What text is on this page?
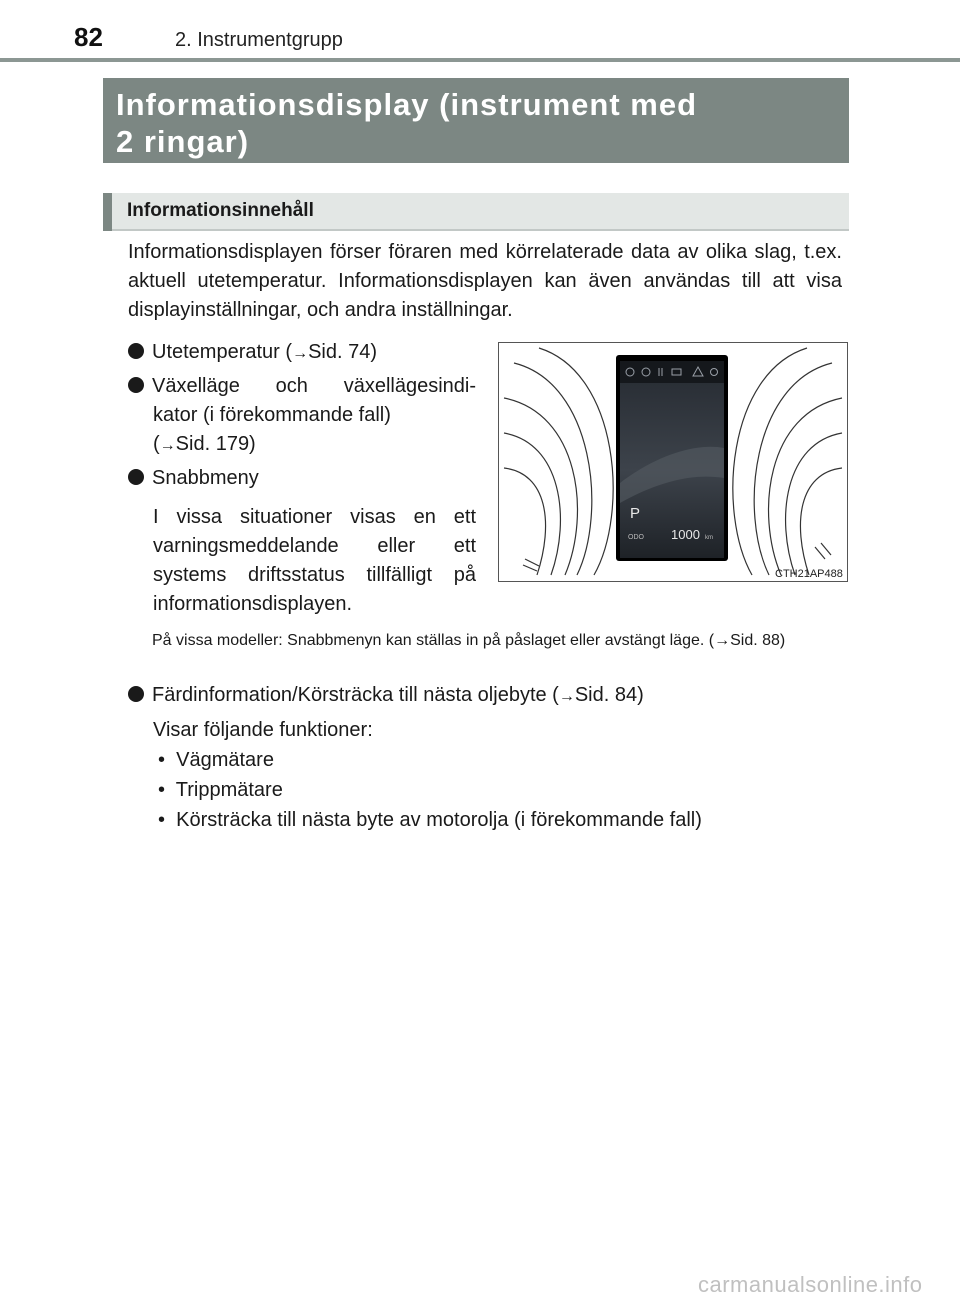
82	2. Instrumentgrupp
Informationsdisplay (instrument med
2 ringar)
Informationsinnehåll
Informationsdisplayen förser föraren med körrelaterade data av olika slag, t.ex. aktuell utetemperatur. Informationsdisplayen kan även användas till att visa displayinställningar, och andra inställningar.
Utetemperatur (→Sid. 74)
Växelläge och växellägesindi-
kator (i förekommande fall)
(→Sid. 179)
Snabbmeny
I vissa situationer visas en ett
varningsmeddelande eller ett
systems driftsstatus tillfälligt på
informationsdisplayen.
På vissa modeller: Snabbmenyn kan ställas in på påslaget eller avstängt läge. (→Sid. 88)
Färdinformation/Körsträcka till nästa oljebyte (→Sid. 84)
Visar följande funktioner:
•  Vägmätare
•  Trippmätare
•  Körsträcka till nästa byte av motorolja (i förekommande fall)
P
ODO 1000 km
CTH21AP488
carmanualsonline.info
